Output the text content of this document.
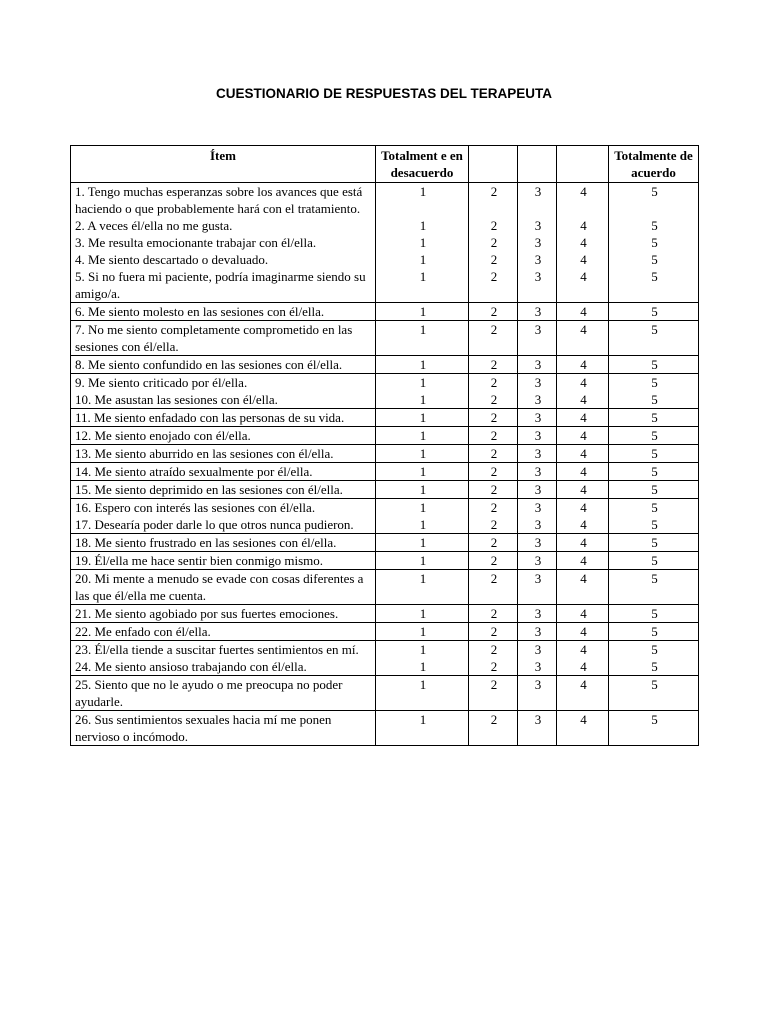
CUESTIONARIO DE RESPUESTAS DEL TERAPEUTA
Ítem	Totalment e en desacuerdo				Totalmente de acuerdo
1. Tengo muchas esperanzas sobre los avances que está haciendo o que probablemente hará con el tratamiento.	1	2	3	4	5
2. A veces él/ella no me gusta.	1	2	3	4	5
3. Me resulta emocionante trabajar con él/ella.	1	2	3	4	5
4. Me siento descartado o devaluado.	1	2	3	4	5
5. Si no fuera mi paciente, podría imaginarme siendo su amigo/a.	1	2	3	4	5
6. Me siento molesto en las sesiones con él/ella.	1	2	3	4	5
7. No me siento completamente comprometido en las sesiones con él/ella.	1	2	3	4	5
8. Me siento confundido en las sesiones con él/ella.	1	2	3	4	5
9. Me siento criticado por él/ella.	1	2	3	4	5
10. Me asustan las sesiones con él/ella.	1	2	3	4	5
11. Me siento enfadado con las personas de su vida.	1	2	3	4	5
12. Me siento enojado con él/ella.	1	2	3	4	5
13. Me siento aburrido en las sesiones con él/ella.	1	2	3	4	5
14. Me siento atraído sexualmente por él/ella.	1	2	3	4	5
15. Me siento deprimido en las sesiones con él/ella.	1	2	3	4	5
16. Espero con interés las sesiones con él/ella.	1	2	3	4	5
17. Desearía poder darle lo que otros nunca pudieron.	1	2	3	4	5
18. Me siento frustrado en las sesiones con él/ella.	1	2	3	4	5
19. Él/ella me hace sentir bien conmigo mismo.	1	2	3	4	5
20. Mi mente a menudo se evade con cosas diferentes a las que él/ella me cuenta.	1	2	3	4	5
21. Me siento agobiado por sus fuertes emociones.	1	2	3	4	5
22. Me enfado con él/ella.	1	2	3	4	5
23. Él/ella tiende a suscitar fuertes sentimientos en mí.	1	2	3	4	5
24. Me siento ansioso trabajando con él/ella.	1	2	3	4	5
25. Siento que no le ayudo o me preocupa no poder ayudarle.	1	2	3	4	5
26. Sus sentimientos sexuales hacia mí me ponen nervioso o incómodo.	1	2	3	4	5
